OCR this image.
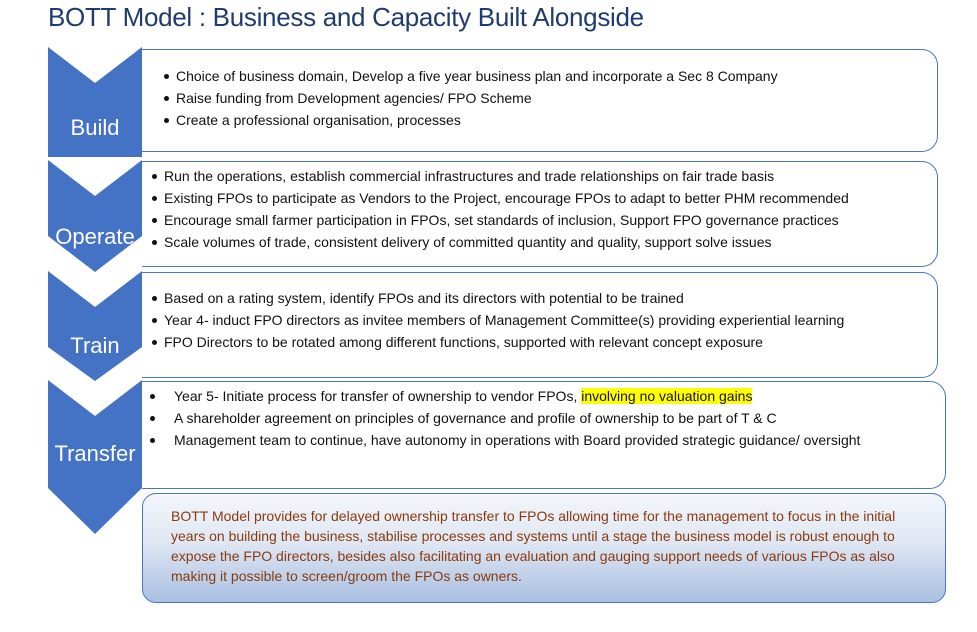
BOTT Model : Business and Capacity Built Alongside
Build
Choice of business domain, Develop a five year business plan and incorporate a Sec 8 Company
Raise funding from Development agencies/ FPO Scheme
Create a professional organisation, processes
Operate
Run the operations, establish commercial infrastructures and trade relationships on fair trade basis
Existing FPOs to participate as Vendors to the Project, encourage FPOs to adapt to better PHM recommended
Encourage small farmer participation in FPOs, set standards of inclusion, Support FPO governance practices
Scale volumes of trade, consistent delivery of committed quantity and quality, support solve issues
Train
Based on a rating system, identify FPOs and its directors with potential to be trained
Year 4- induct FPO directors as invitee members of Management Committee(s) providing experiential learning
FPO Directors to be rotated among different functions, supported with relevant concept exposure
Transfer
Year 5- Initiate process for transfer of ownership to vendor FPOs, involving no valuation gains
A shareholder agreement on principles of governance and profile of ownership to be part of T & C
Management team to continue, have autonomy in operations with Board provided strategic guidance/ oversight
BOTT Model provides for delayed ownership transfer to FPOs allowing time for the management to focus in the initial years on building the business, stabilise processes and systems until a stage the business model is robust enough to expose the FPO directors, besides also facilitating an evaluation and gauging support needs of various FPOs as also making it possible to screen/groom the FPOs as owners.
